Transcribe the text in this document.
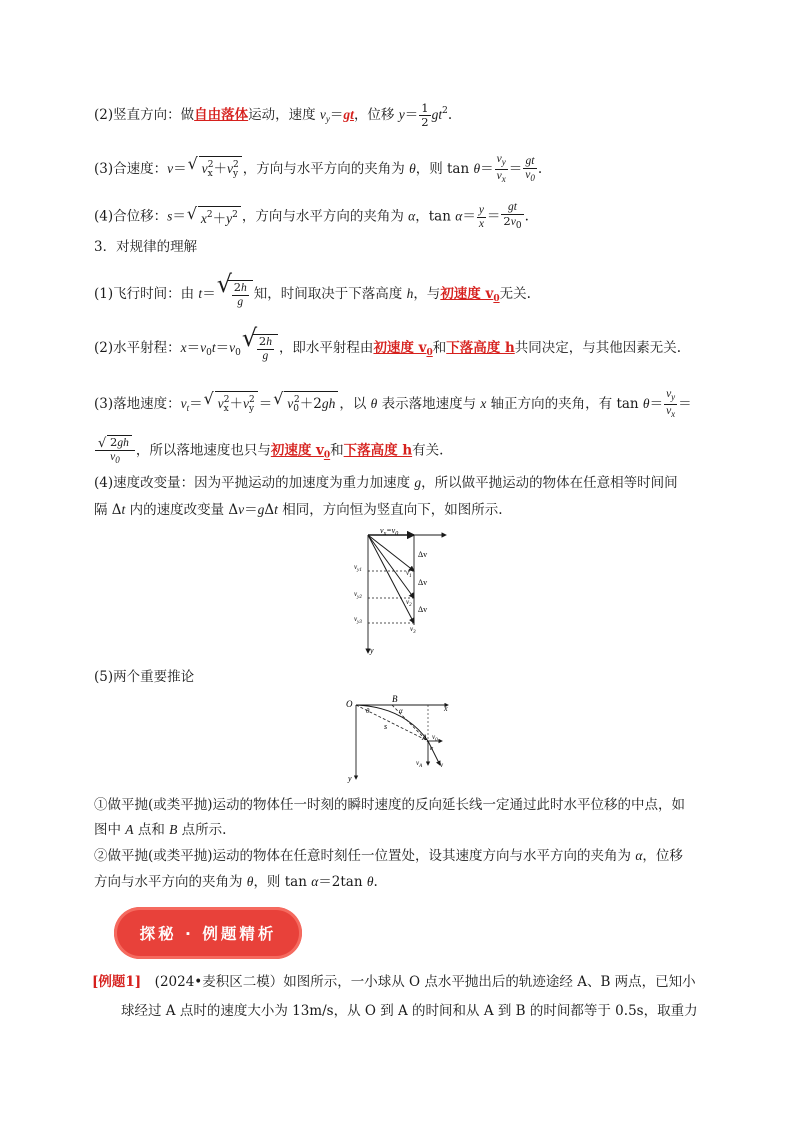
(2)竖直方向：做自由落体运动，速度 $v_y=gt$，位移 $y= \frac{1}{2} gt^2$.
(3)合速度：v＝ √ $v_x^2+v_y^2$ ，方向与水平方向的夹角为 θ，则 $\tan \theta= \frac{v_y}{v_x} = \frac{gt}{v_0}$ .
(4)合位移：s＝ √ $x^2+y^2$ ，方向与水平方向的夹角为 α，$\tan \alpha= \frac{y}{x} = \frac{gt}{2v_0}$ .
3．对规律的理解
(1)飞行时间：由 t＝ √ $\frac{2h}{g}$ 知，时间取决于下落高度 h，与初速度 $v_0$无关.
(2)水平射程：$x=v_0t=v_0$
√ $\frac{2h}{g}$ ，即水平射程由初速度 $v_0$和下落高度 h共同决定，与其他因素无关.
(3)落地速度：$v_t=$ √ $v_x^2+v_y^2$ ＝ √ $v_0^2+2gh$ ，以 θ 表示落地速度与 x 轴正方向的夹角，有 $\tan \theta= \frac{v_y}{v_x}$ ＝
$\frac{√ 2gh}{v_0}$ ，所以落地速度也只与初速度 $v_0$和下落高度 h有关.
(4)速度改变量：因为平抛运动的加速度为重力加速度 g，所以做平抛运动的物体在任意相等时间间
隔 Δt 内的速度改变量 Δv＝gΔt 相同，方向恒为竖直向下，如图所示.
$v_x=v_0$
Δv
Δv
Δv
$v_{y1}$
$v_{y2}$
$v_{y3}$
$v_1$
$v_2$
$v_3$
y
(5)两个重要推论
O	B
A
x
y
α
θ
α
s
$v_0$
$v_A$	v
①做平抛(或类平抛)运动的物体任一时刻的瞬时速度的反向延长线一定通过此时水平位移的中点，如
图中 A 点和 B 点所示.
②做平抛(或类平抛)运动的物体在任意时刻任一位置处，设其速度方向与水平方向的夹角为 α，位移
方向与水平方向的夹角为 θ，则 tan α＝2tan θ.
探秘 · 例题精析
[例题1]　(2024•麦积区二模）如图所示，一小球从 O 点水平抛出后的轨迹途经 A、B 两点，已知小
球经过 A 点时的速度大小为 13m/s，从 O 到 A 的时间和从 A 到 B 的时间都等于 0.5s，取重力
